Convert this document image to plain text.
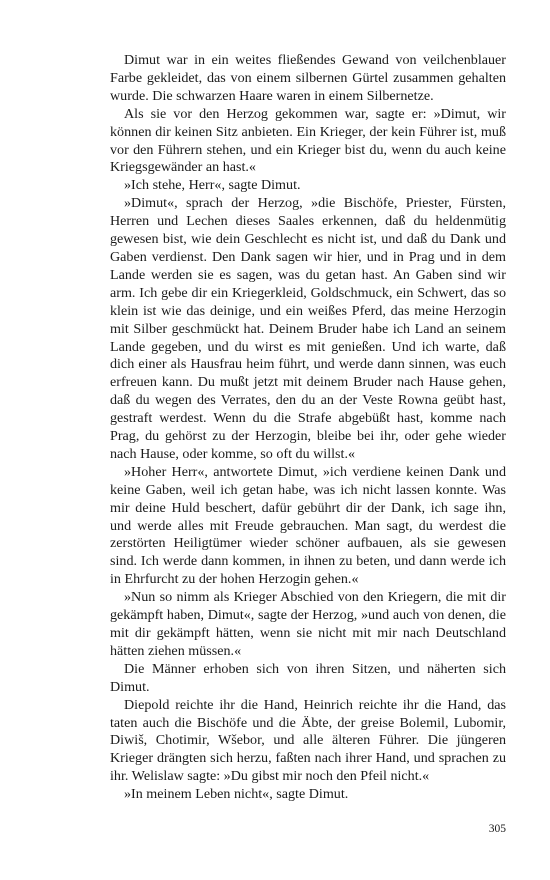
Dimut war in ein weites fließendes Gewand von veilchenblauer Farbe gekleidet, das von einem silbernen Gürtel zusammen gehalten wurde. Die schwarzen Haare waren in einem Silbernetze.

Als sie vor den Herzog gekommen war, sagte er: »Dimut, wir können dir keinen Sitz anbieten. Ein Krieger, der kein Führer ist, muß vor den Führern stehen, und ein Krieger bist du, wenn du auch keine Kriegsgewänder an hast.«

»Ich stehe, Herr«, sagte Dimut.

»Dimut«, sprach der Herzog, »die Bischöfe, Priester, Fürsten, Herren und Lechen dieses Saales erkennen, daß du heldenmütig gewesen bist, wie dein Geschlecht es nicht ist, und daß du Dank und Gaben verdienst. Den Dank sagen wir hier, und in Prag und in dem Lande werden sie es sagen, was du getan hast. An Gaben sind wir arm. Ich gebe dir ein Kriegerkleid, Goldschmuck, ein Schwert, das so klein ist wie das deinige, und ein weißes Pferd, das meine Herzogin mit Silber geschmückt hat. Deinem Bruder habe ich Land an seinem Lande gegeben, und du wirst es mit genießen. Und ich warte, daß dich einer als Hausfrau heim führt, und werde dann sinnen, was euch erfreuen kann. Du mußt jetzt mit deinem Bruder nach Hause gehen, daß du wegen des Verrates, den du an der Veste Rowna geübt hast, gestraft werdest. Wenn du die Strafe abgebüßt hast, komme nach Prag, du gehörst zu der Herzogin, bleibe bei ihr, oder gehe wieder nach Hause, oder komme, so oft du willst.«

»Hoher Herr«, antwortete Dimut, »ich verdiene keinen Dank und keine Gaben, weil ich getan habe, was ich nicht lassen konnte. Was mir deine Huld beschert, dafür gebührt dir der Dank, ich sage ihn, und werde alles mit Freude gebrauchen. Man sagt, du werdest die zerstörten Heiligtümer wieder schöner aufbauen, als sie gewesen sind. Ich werde dann kommen, in ihnen zu beten, und dann werde ich in Ehrfurcht zu der hohen Herzogin gehen.«

»Nun so nimm als Krieger Abschied von den Kriegern, die mit dir gekämpft haben, Dimut«, sagte der Herzog, »und auch von denen, die mit dir gekämpft hätten, wenn sie nicht mit mir nach Deutschland hätten ziehen müssen.«

Die Männer erhoben sich von ihren Sitzen, und näherten sich Dimut.

Diepold reichte ihr die Hand, Heinrich reichte ihr die Hand, das taten auch die Bischöfe und die Äbte, der greise Bolemil, Lubomir, Diwiš, Chotimir, Wšebor, und alle älteren Führer. Die jüngeren Krieger drängten sich herzu, faßten nach ihrer Hand, und sprachen zu ihr. Welislaw sagte: »Du gibst mir noch den Pfeil nicht.«

»In meinem Leben nicht«, sagte Dimut.

305
